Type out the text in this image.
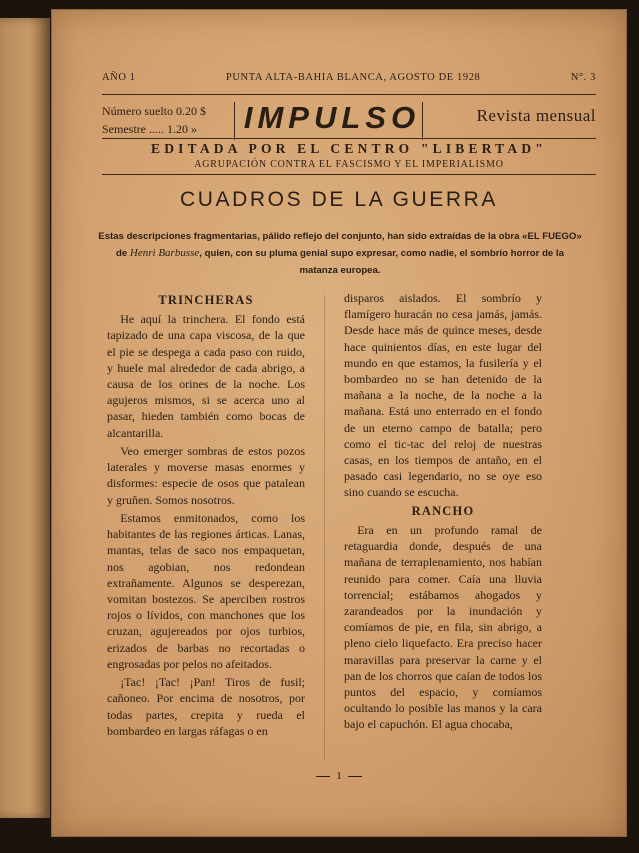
AÑO 1	PUNTA ALTA-BAHIA BLANCA, AGOSTO DE 1928	N°. 3
Número suelto 0.20 $
Semestre ..... 1.20 » IMPULSO	Revista mensual
EDITADA POR EL CENTRO "LIBERTAD"
AGRUPACIÓN CONTRA EL FASCISMO Y EL IMPERIALISMO
CUADROS DE LA GUERRA
Estas descripciones fragmentarias, pálido reflejo del conjunto, han sido extraídas de la obra «EL FUEGO» de Henri Barbusse, quien, con su pluma genial supo expresar, como nadie, el sombrío horror de la matanza europea.
TRINCHERAS

He aquí la trinchera. El fondo está tapizado de una capa viscosa, de la que el pie se despega a cada paso con ruido, y huele mal alrededor de cada abrigo, a causa de los orines de la noche. Los agujeros mismos, si se acerca uno al pasar, hieden también como bocas de alcantarilla.

Veo emerger sombras de estos pozos laterales y moverse masas enormes y disformes: especie de osos que patalean y gruñen. Somos nosotros.

Estamos enmitonados, como los habitantes de las regiones árticas. Lanas, mantas, telas de saco nos empaquetan, nos agobian, nos redondean extrañamente. Algunos se desperezan, vomitan bostezos. Se aperciben rostros rojos o lívidos, con manchones que los cruzan, agujereados por ojos turbios, erizados de barbas no recortadas o engrosadas por pelos no afeitados.

¡Tac! ¡Tac! ¡Pan! Tiros de fusil; cañoneo. Por encima de nosotros, por todas partes, crepita y rueda el bombardeo en largas ráfagas o en

disparos aislados. El sombrío y flamígero huracán no cesa jamás, jamás. Desde hace más de quince meses, desde hace quinientos días, en este lugar del mundo en que estamos, la fusilería y el bombardeo no se han detenido de la mañana a la noche, de la noche a la mañana. Está uno enterrado en el fondo de un eterno campo de batalla; pero como el tic-tac del reloj de nuestras casas, en los tiempos de antaño, en el pasado casi legendario, no se oye eso sino cuando se escucha.

RANCHO

Era en un profundo ramal de retaguardia donde, después de una mañana de terraplenamiento, nos habían reunido para comer. Caía una lluvia torrencial; estábamos ahogados y zarandeados por la inundación y comíamos de pie, en fila, sin abrigo, a pleno cielo liquefacto. Era preciso hacer maravillas para preservar la carne y el pan de los chorros que caían de todos los puntos del espacio, y comíamos ocultando lo posible las manos y la cara bajo el capuchón. El agua chocaba,

1
